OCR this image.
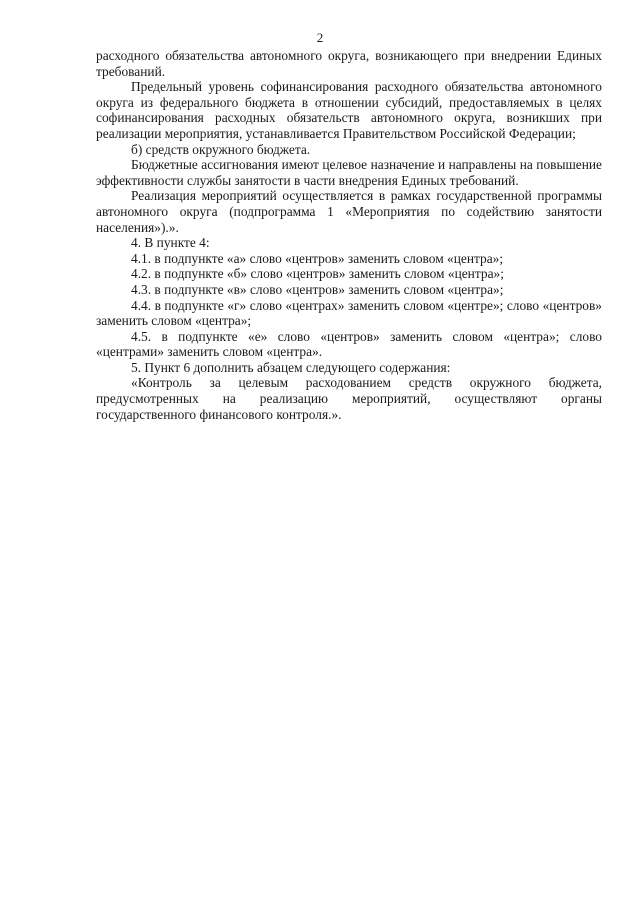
2

расходного обязательства автономного округа, возникающего при внедрении Единых требований.

Предельный уровень софинансирования расходного обязательства автономного округа из федерального бюджета в отношении субсидий, предоставляемых в целях софинансирования расходных обязательств автономного округа, возникших при реализации мероприятия, устанавливается Правительством Российской Федерации;

б) средств окружного бюджета.

Бюджетные ассигнования имеют целевое назначение и направлены на повышение эффективности службы занятости в части внедрения Единых требований.

Реализация мероприятий осуществляется в рамках государственной программы автономного округа (подпрограмма 1 «Мероприятия по содействию занятости населения»).».

4. В пункте 4:

4.1. в подпункте «а» слово «центров» заменить словом «центра»;

4.2. в подпункте «б» слово «центров» заменить словом «центра»;

4.3. в подпункте «в» слово «центров» заменить словом «центра»;

4.4. в подпункте «г» слово «центрах» заменить словом «центре»; слово «центров» заменить словом «центра»;

4.5. в подпункте «е» слово «центров» заменить словом «центра»; слово «центрами» заменить словом «центра».

5. Пункт 6 дополнить абзацем следующего содержания:

«Контроль за целевым расходованием средств окружного бюджета, предусмотренных на реализацию мероприятий, осуществляют органы государственного финансового контроля.».
